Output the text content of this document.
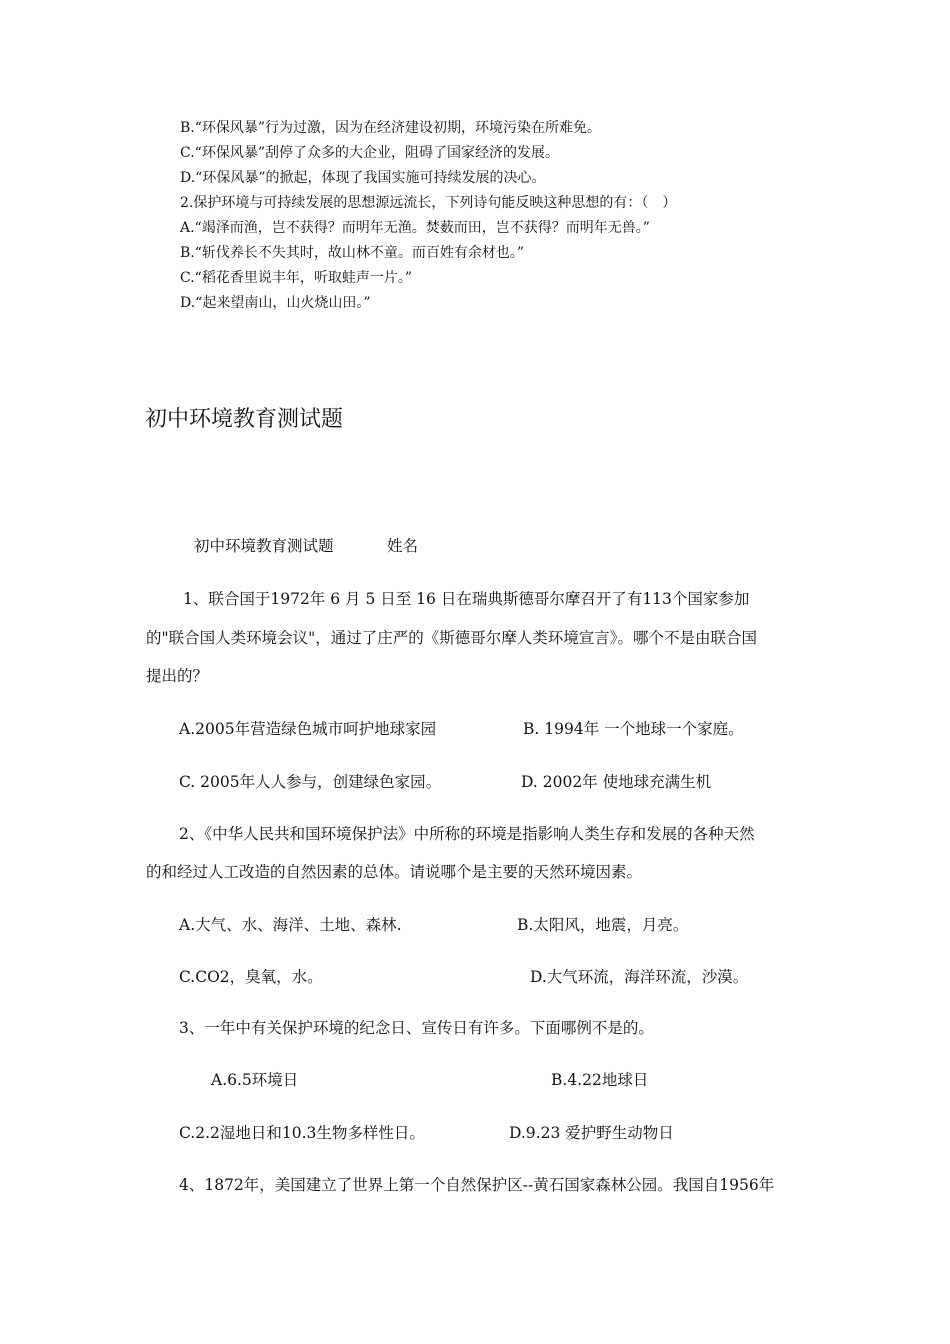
B.“环保风暴”行为过激，因为在经济建设初期，环境污染在所难免。
C.“环保风暴”刮停了众多的大企业，阻碍了国家经济的发展。
D.“环保风暴”的掀起，体现了我国实施可持续发展的决心。
2.保护环境与可持续发展的思想源远流长，下列诗句能反映这种思想的有：（　）
A.“竭泽而渔，岂不获得？而明年无渔。焚薮而田，岂不获得？而明年无兽。”
B.“斩伐养长不失其时，故山林不童。而百姓有余材也。”
C.“稻花香里说丰年，听取蛙声一片。”
D.“起来望南山，山火烧山田。”
初中环境教育测试题
初中环境教育测试题	姓名
1、联合国于1972年 6 月 5 日至 16 日在瑞典斯德哥尔摩召开了有113个国家参加
的"联合国人类环境会议"，通过了庄严的《斯德哥尔摩人类环境宣言》。哪个不是由联合国
提出的？
A.2005年营造绿色城市呵护地球家园	B. 1994年 一个地球一个家庭。
C. 2005年人人参与，创建绿色家园。	D. 2002年 使地球充满生机
2、《中华人民共和国环境保护法》中所称的环境是指影响人类生存和发展的各种天然
的和经过人工改造的自然因素的总体。请说哪个是主要的天然环境因素。
A.大气、水、海洋、土地、森林.	B.太阳风，地震，月亮。
C.CO2，臭氧，水。	D.大气环流，海洋环流，沙漠。
3、一年中有关保护环境的纪念日、宣传日有许多。下面哪例不是的。
A.6.5环境日	B.4.22地球日
C.2.2湿地日和10.3生物多样性日。	D.9.23 爱护野生动物日
4、1872年，美国建立了世界上第一个自然保护区--黄石国家森林公园。我国自1956年
